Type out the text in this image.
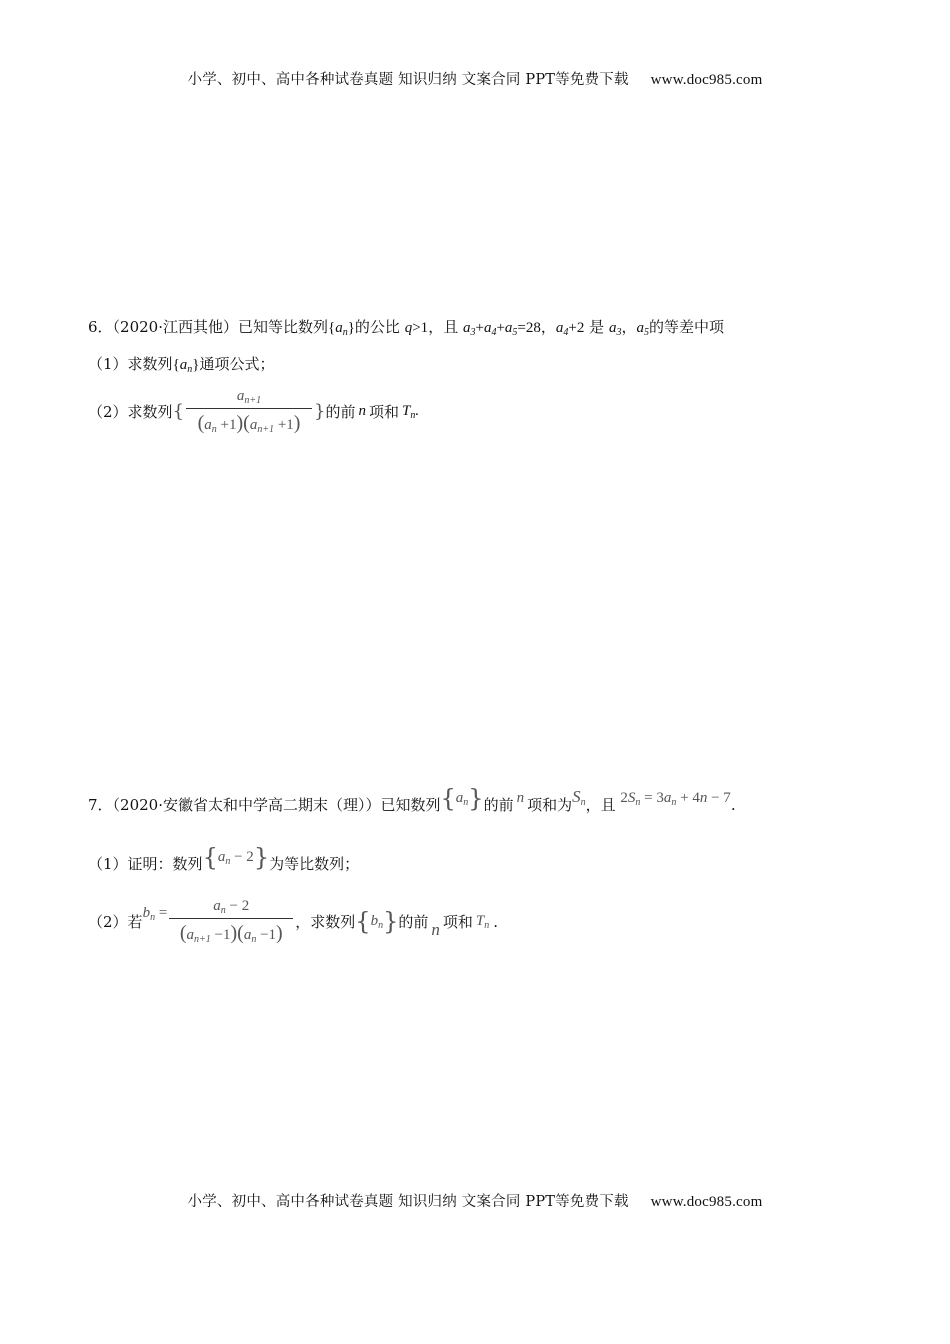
小学、初中、高中各种试卷真题 知识归纳 文案合同 PPT等免费下载 www.doc985.com
6．（2020·江西其他）已知等比数列$\{a_n\}$的公比 q>1，且 $a_3+a_4+a_5=28$，$a_4+2$ 是 $a_3$，$a_5$的等差中项
（1）求数列$\{a_n\}$通项公式；
（2）求数列{ $\frac{a_{n+1}}{(a_n +1)(a_{n+1} +1)}$ }的前 n 项和 $T_n$.
7．（2020·安徽省太和中学高二期末（理））已知数列$\{a_n\}$的前 n 项和为$S_n$，且 $2S_n = 3a_n + 4n - 7$.
（1）证明：数列$\{a_n - 2\}$为等比数列；
（2）若$b_n = \frac{a_n - 2}{(a_{n+1} -1)(a_n -1)}$ ，求数列$\{b_n\}$的前 n 项和 $T_n$ .
小学、初中、高中各种试卷真题 知识归纳 文案合同 PPT等免费下载 www.doc985.com
